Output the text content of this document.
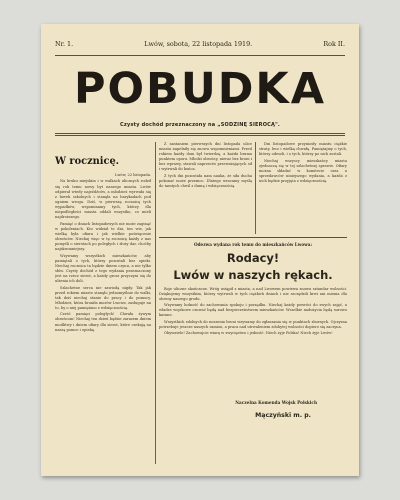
Nr. 1.	Lwów, sobota, 22 listopada 1919.	Rok II.
POBUDKA
Czysty dochód przeznaczony na „SODZINĘ SIEROCĄ".
W rocznicę.

Lwów, 22 listopada.

Na bruku miejskim i w walkach ulicznych rodził się rok temu nowy byt naszego miasta. Lwów odpierał wtedy najeźdźców, a młodzież wyrwała się z ławek szkolnych i stanęła na barykadach pod ogniem wroga. Dziś, w pierwszą rocznicę tych wypadków, wspominamy tych, którzy dla niepodległości miasta oddali wszystko, co mieli najdroższego.

Pamięć o dniach listopadowych nie może zaginąć w pokoleniach. Kto widział te dni, ten wie, jak wielką była ofiara i jak wielkie poświęcenie obrońców. Niechaj więc w tę rocznicę każdy z nas pomyśli o sierotach po poległych i złoży dar, choćby najskromniejszy.

Wzywamy wszystkich mieszkańców, aby pamiętali o tych, którzy pozostali bez opieki. Niechaj rocznica ta będzie dniem czynu, a nie tylko słów. Czysty dochód z tego wydania przeznaczony jest na rzecz sierot, a każdy grosz przyczyni się do ulżenia ich doli.

Szlachetne serca nie zawiodą nigdy. Tak jak przed rokiem miasto stanęło jednomyślnie do walki, tak dziś niechaj stanie do pracy i do pomocy. Młodzież, która broniła murów Lwowa, zasługuje na to, by o niej pamiętano z wdzięcznością.

Cześć pamięci poległych! Chwała żywym obrońcom! Niechaj ten dzień będzie zarazem dniem modlitwy i dniem ofiary dla sierot, które czekają na naszą pomoc i opiekę.

Z nastaniem pierwszych dni listopada ulice miasta napełniły się znowu wspomnieniami. Przed rokiem każdy dom był twierdzą, a każda brama punktem oporu. Młodzi obrońcy, nieraz bez broni i bez wprawy, stawali naprzeciw przeważających sił i wytrwali do końca.

Z tych dni pozostała nam nauka, że siła ducha pokonać może przemoc. Dlatego wracamy myślą do tamtych chwil z dumą i wdzięcznością.

Dni listopadowe przyniosły miastu ciężkie straty, lecz i wielką chwałę. Pamiętajmy o tych, którzy odeszli, i o tych, którzy po nich zostali.

Niechaj wszyscy mieszkańcy miasta zjednoczą się w tej szlachetnej sprawie. Ofiary można składać w komitecie oraz u sprzedawców niniejszego wydania, a każda z nich będzie przyjęta z wdzięcznością.

Odezwa wydana rok temu do mieszkańców Lwowa:
Rodacy!
Lwów w naszych rękach.

Boje uliczne skończone. Wróg ustąpił z miasta, a nad Lwowem powiewa znowu sztandar wolności. Dziękujemy wszystkim, którzy wytrwali w tych ciężkich dniach i nie szczędzili krwi ani mienia dla obrony naszego grodu.

Wzywamy ludność do zachowania spokoju i porządku. Niechaj każdy powróci do swych zajęć, a władze wojskowe czuwać będą nad bezpieczeństwem mieszkańców. Wszelkie nadużycia będą surowo karane.

Wszystkich zdolnych do noszenia broni wzywamy do zgłaszania się w punktach zbornych. Ojczyzna potrzebuje jeszcze naszych ramion, a praca nad utrwaleniem zdobytej wolności dopiero się zaczyna.

Obywatele! Zachowajcie wiarę w zwycięstwo i jedność. Niech żyje Polska! Niech żyje Lwów!

Naczelna Komenda Wojsk Polskich
Mączyński m. p.
